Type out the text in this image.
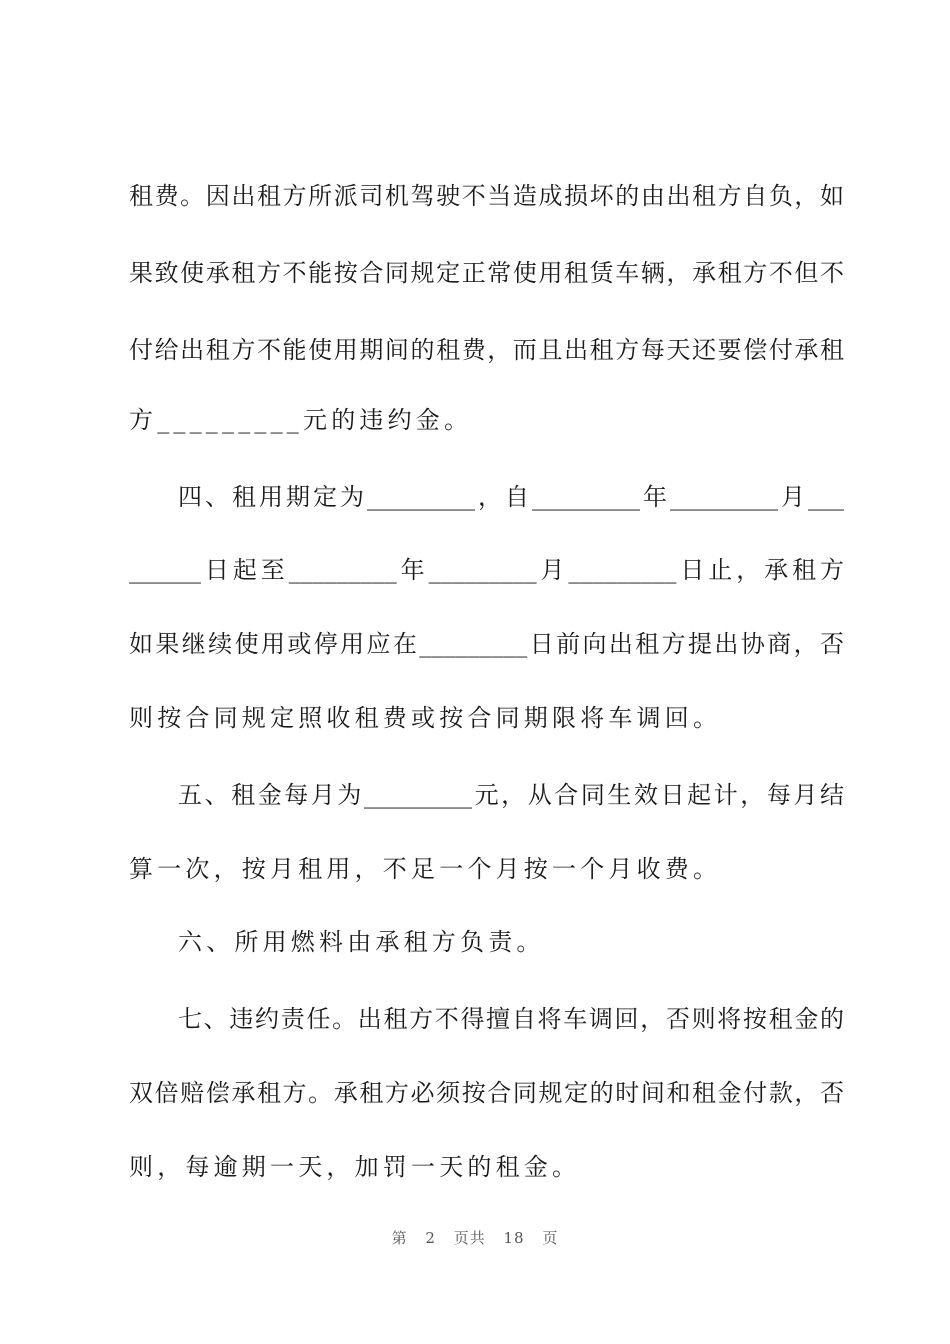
租费。因出租方所派司机驾驶不当造成损坏的由出租方自负，如
果致使承租方不能按合同规定正常使用租赁车辆，承租方不但不
付给出租方不能使用期间的租费，而且出租方每天还要偿付承租
方_________元的违约金。
四、租用期定为_________，自_________年_________月___
______日起至_________年_________月_________日止，承租方
如果继续使用或停用应在_________日前向出租方提出协商，否
则按合同规定照收租费或按合同期限将车调回。
五、租金每月为_________元，从合同生效日起计，每月结
算一次，按月租用，不足一个月按一个月收费。
六、所用燃料由承租方负责。
七、违约责任。出租方不得擅自将车调回，否则将按租金的
双倍赔偿承租方。承租方必须按合同规定的时间和租金付款，否
则，每逾期一天，加罚一天的租金。
第 2 页共 18 页
